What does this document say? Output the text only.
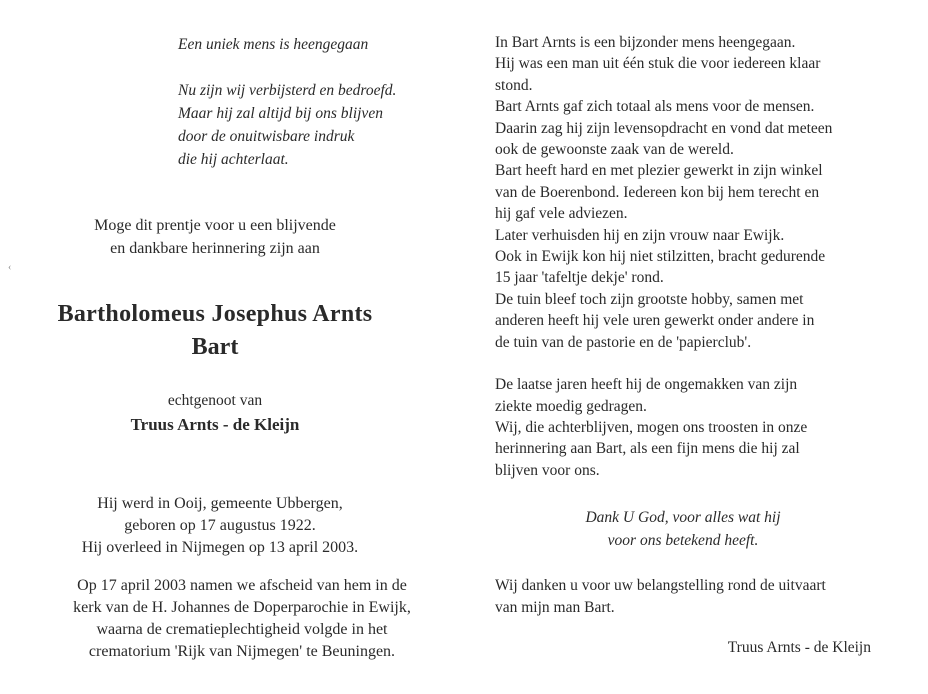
‹
Een uniek mens is heengegaan
Nu zijn wij verbijsterd en bedroefd.
Maar hij zal altijd bij ons blijven
door de onuitwisbare indruk
die hij achterlaat.
Moge dit prentje voor u een blijvende
en dankbare herinnering zijn aan
Bartholomeus Josephus Arnts
Bart
echtgenoot van
Truus Arnts - de Kleijn
Hij werd in Ooij, gemeente Ubbergen,
geboren op 17 augustus 1922.
Hij overleed in Nijmegen op 13 april 2003.
Op 17 april 2003 namen we afscheid van hem in de
kerk van de H. Johannes de Doperparochie in Ewijk,
waarna de crematieplechtigheid volgde in het
crematorium 'Rijk van Nijmegen' te Beuningen.

In Bart Arnts is een bijzonder mens heengegaan.

Hij was een man uit één stuk die voor iedereen klaar

stond.

Bart Arnts gaf zich totaal als mens voor de mensen.

Daarin zag hij zijn levensopdracht en vond dat meteen

ook de gewoonste zaak van de wereld.

Bart heeft hard en met plezier gewerkt in zijn winkel

van de Boerenbond. Iedereen kon bij hem terecht en

hij gaf vele adviezen.

Later verhuisden hij en zijn vrouw naar Ewijk.

Ook in Ewijk kon hij niet stilzitten, bracht gedurende

15 jaar 'tafeltje dekje' rond.

De tuin bleef toch zijn grootste hobby, samen met

anderen heeft hij vele uren gewerkt onder andere in

de tuin van de pastorie en de 'papierclub'.

De laatse jaren heeft hij de ongemakken van zijn

ziekte moedig gedragen.

Wij, die achterblijven, mogen ons troosten in onze

herinnering aan Bart, als een fijn mens die hij zal

blijven voor ons.

Dank U God, voor alles wat hij
voor ons betekend heeft.
Wij danken u voor uw belangstelling rond de uitvaart
van mijn man Bart.
Truus Arnts - de Kleijn
